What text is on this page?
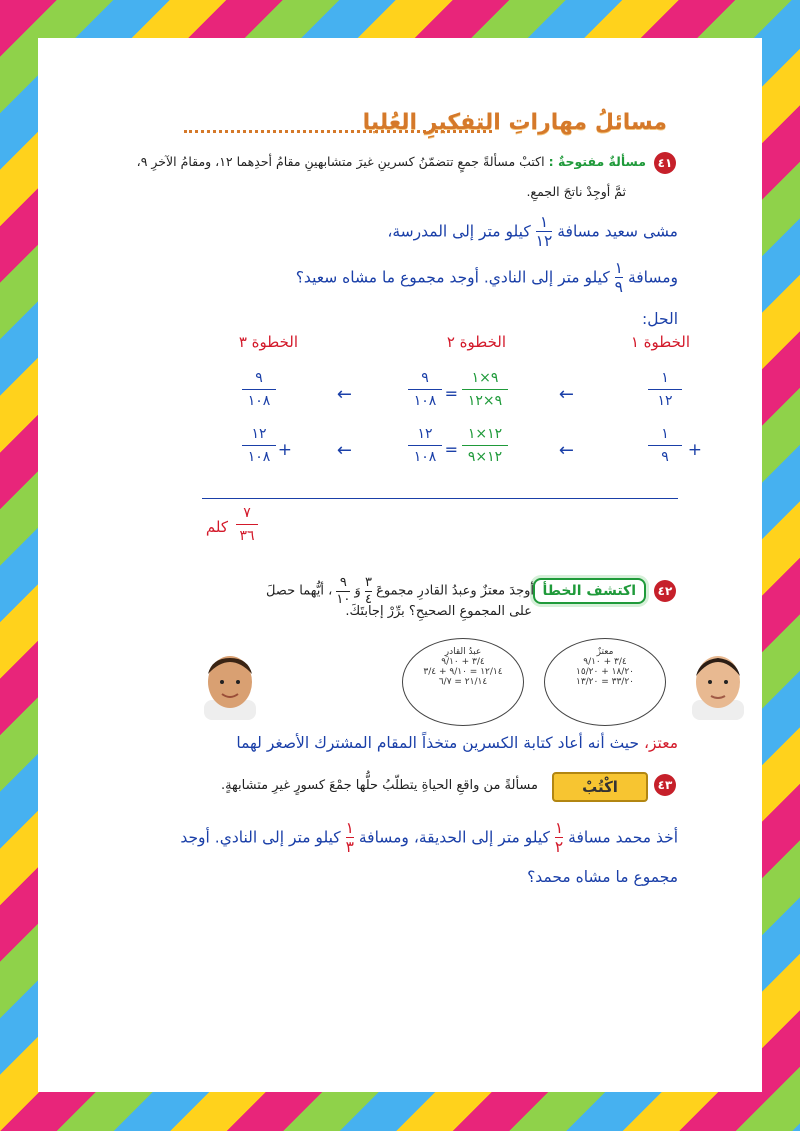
مسائلُ مهاراتِ التفكيرِ العُليا
٤١
مسألةٌ مفتوحةٌ : اكتبْ مسألةً جمعٍ تتضمّنُ كسرينِ غيرَ متشابهينِ مقامُ أحدِهما ١٢، ومقامُ الآخرِ ٩،
ثمَّ أوجِدْ ناتجَ الجمعِ.
مشى سعيد مسافة
$\frac{١}{١٢}$
كيلو متر إلى المدرسة،
ومسافة
$\frac{١}{٩}$
كيلو متر إلى النادي. أوجد مجموع ما مشاه سعيد؟
الحل:
الخطوة ١
الخطوة ٢
الخطوة ٣
١
١٢
١
٩ +
←
←
٩×١
٩×١٢
١٢×١
١٢×٩
=
=
٩
١٠٨
١٢
١٠٨
←
←
٩
١٠٨
١٢
١٠٨ +
٧
٣٦
كلم
٤٢
اكتشف الخطأ
أوجدَ معتزٌ وعبدُ القادرِ مجموعَ
$\frac{٣}{٤}$
وَ
$\frac{٩}{١٠}$
، أيُّهما حصلَ
على المجموعِ الصحيحِ؟ برِّرْ إجابتَكَ.
معتزٌ
٣/٤ + ٩/١٠
١٨/٢٠ + ١٥/٢٠
٣٣/٢٠ = ١٣/٢٠
عبدُ القادرِ
٣/٤ + ٩/١٠
١٢/١٤ = ٩/١٠ + ٣/٤
٢١/١٤ = ٦/٧
معتز، حيث أنه أعاد كتابة الكسرين متخذاً المقام المشترك الأصغر لهما
٤٣
اكْتُبْ
مسألةً من واقعِ الحياةِ يتطلّبُ حلُّها جمْعَ كسورٍ غيرِ متشابهةٍ.
أخذ محمد مسافة
$\frac{١}{٢}$
كيلو متر إلى الحديقة، ومسافة
$\frac{١}{٣}$
كيلو متر إلى النادي. أوجد
مجموع ما مشاه محمد؟
